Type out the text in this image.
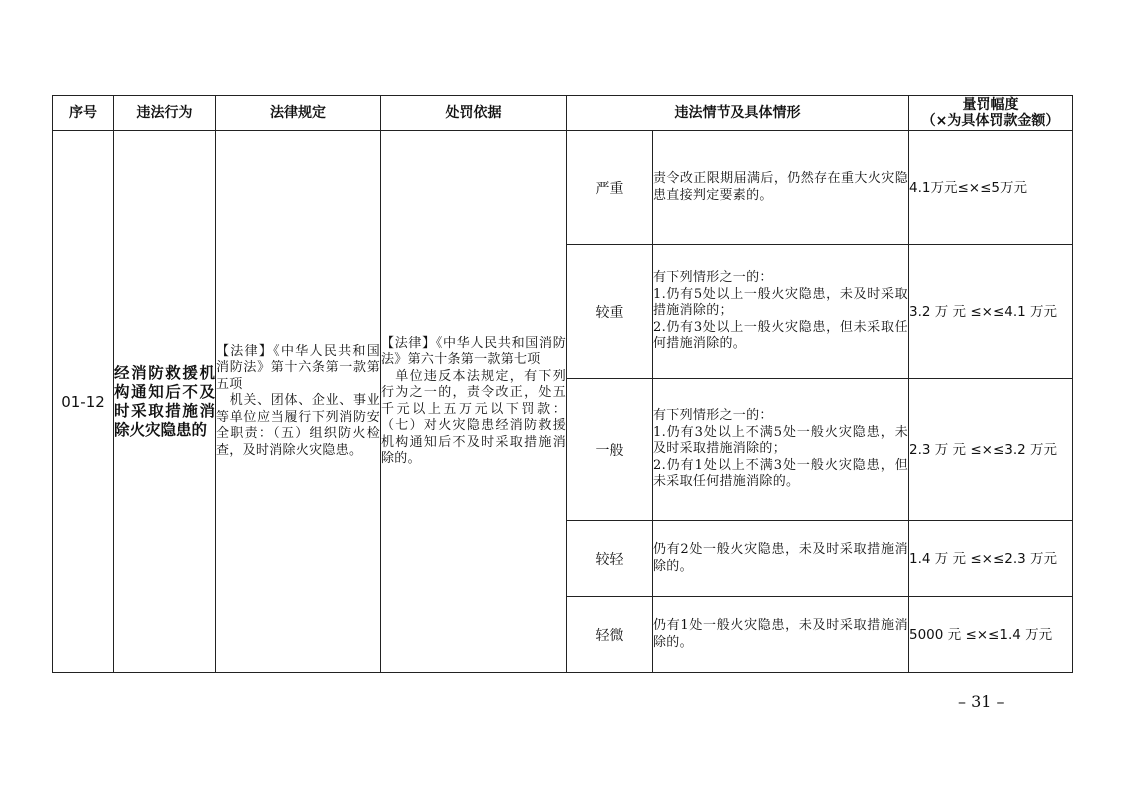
序号	违法行为	法律规定	处罚依据	违法情节及具体情形		量罚幅度
（×为具体罚款金额）

01-12	经消防救援机构通知后不及时采取措施消除火灾隐患的	【法律】《中华人民共和国消防法》第十六条第一款第五项
　机关、团体、企业、事业等单位应当履行下列消防安全职责：（五）组织防火检查，及时消除火灾隐患。	【法律】《中华人民共和国消防法》第六十条第一款第七项
　单位违反本法规定，有下列行为之一的，责令改正，处五千元以上五万元以下罚款：（七）对火灾隐患经消防救援机构通知后不及时采取措施消除的。	严重	责令改正限期届满后，仍然存在重大火灾隐患直接判定要素的。	4.1万元≤×≤5万元
				较重	有下列情形之一的：
1.仍有5处以上一般火灾隐患，未及时采取措施消除的；
2.仍有3处以上一般火灾隐患，但未采取任何措施消除的。	3.2 万 元 ≤×≤4.1 万元
				一般	有下列情形之一的：
1.仍有3处以上不满5处一般火灾隐患，未及时采取措施消除的；
2.仍有1处以上不满3处一般火灾隐患，但未采取任何措施消除的。	2.3 万 元 ≤×≤3.2 万元
				较轻	仍有2处一般火灾隐患，未及时采取措施消除的。	1.4 万 元 ≤×≤2.3 万元
				轻微	仍有1处一般火灾隐患，未及时采取措施消除的。	5000 元 ≤×≤1.4 万元
– 31 –
